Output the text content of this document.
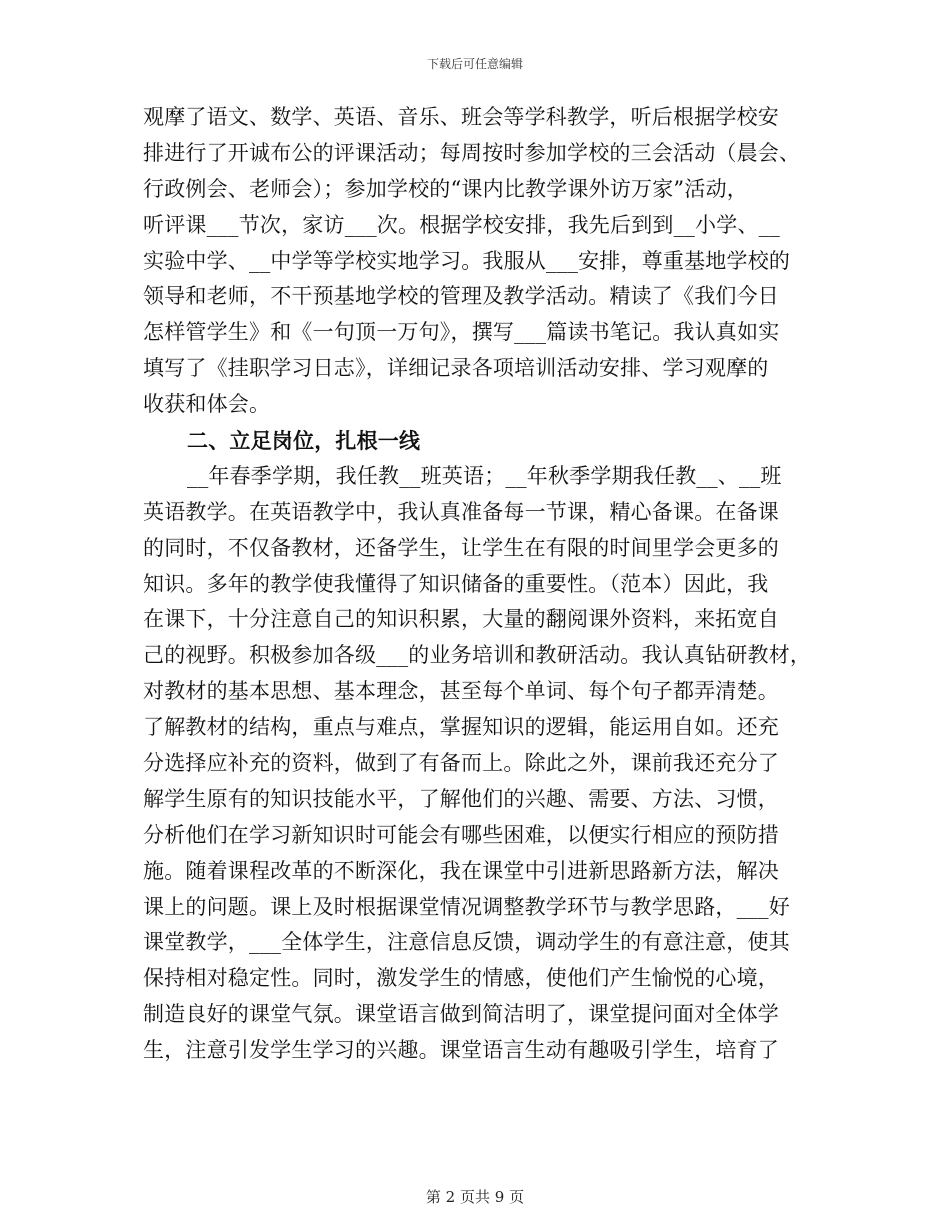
下载后可任意编辑
观摩了语文、数学、英语、音乐、班会等学科教学，听后根据学校安
排进行了开诚布公的评课活动；每周按时参加学校的三会活动（晨会、
行政例会、老师会）；参加学校的“课内比教学课外访万家”活动，
听评课___节次，家访___次。根据学校安排，我先后到到__小学、__
实验中学、__中学等学校实地学习。我服从___安排，尊重基地学校的
领导和老师，不干预基地学校的管理及教学活动。精读了《我们今日
怎样管学生》和《一句顶一万句》，撰写___篇读书笔记。我认真如实
填写了《挂职学习日志》，详细记录各项培训活动安排、学习观摩的
收获和体会。
二、立足岗位，扎根一线
__年春季学期，我任教__班英语；__年秋季学期我任教__、__班
英语教学。在英语教学中，我认真准备每一节课，精心备课。在备课
的同时，不仅备教材，还备学生，让学生在有限的时间里学会更多的
知识。多年的教学使我懂得了知识储备的重要性。（范本）因此，我
在课下，十分注意自己的知识积累，大量的翻阅课外资料，来拓宽自
己的视野。积极参加各级___的业务培训和教研活动。我认真钻研教材，
对教材的基本思想、基本理念，甚至每个单词、每个句子都弄清楚。
了解教材的结构，重点与难点，掌握知识的逻辑，能运用自如。还充
分选择应补充的资料，做到了有备而上。除此之外，课前我还充分了
解学生原有的知识技能水平，了解他们的兴趣、需要、方法、习惯，
分析他们在学习新知识时可能会有哪些困难，以便实行相应的预防措
施。随着课程改革的不断深化，我在课堂中引进新思路新方法，解决
课上的问题。课上及时根据课堂情况调整教学环节与教学思路，___好
课堂教学，___全体学生，注意信息反馈，调动学生的有意注意，使其
保持相对稳定性。同时，激发学生的情感，使他们产生愉悦的心境，
制造良好的课堂气氛。课堂语言做到简洁明了，课堂提问面对全体学
生，注意引发学生学习的兴趣。课堂语言生动有趣吸引学生，培育了
第 2 页共 9 页
